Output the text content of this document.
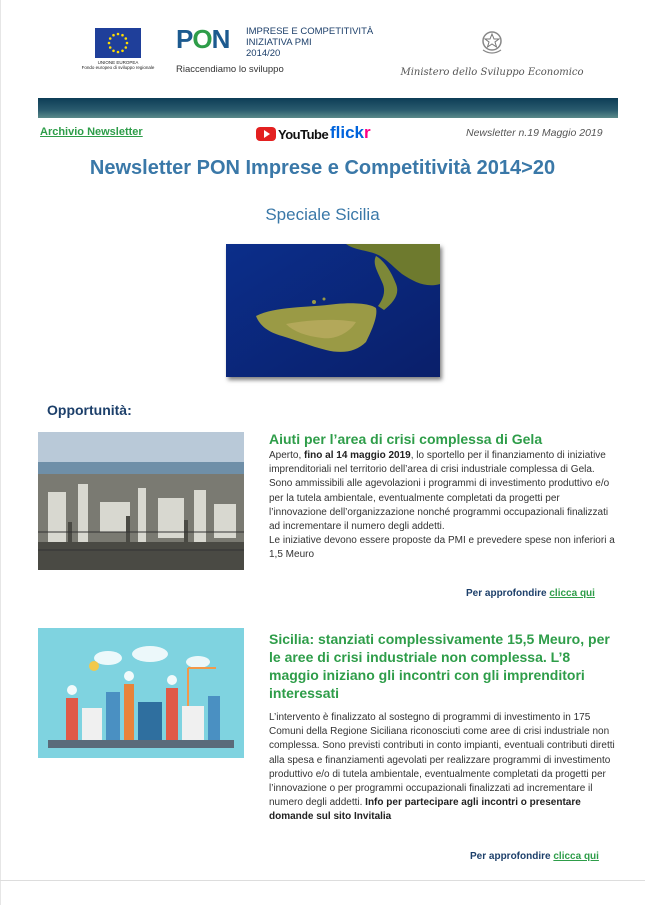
UNIONE EUROPEA
Fondo europeo di sviluppo regionale
PON IMPRESE E COMPETITIVITÀ
INIZIATIVA PMI
2014/20
Riaccendiamo lo sviluppo	Ministero dello Sviluppo Economico
Archivio Newsletter	YouTube flickr	Newsletter n.19 Maggio 2019
Newsletter PON Imprese e Competitività 2014>20
Speciale Sicilia
Opportunità:
Aiuti per l’area di crisi complessa di Gela
Aperto, fino al 14 maggio 2019, lo sportello per il finanziamento di iniziative imprenditoriali nel territorio dell’area di crisi industriale complessa di Gela.
Sono ammissibili alle agevolazioni i programmi di investimento produttivo e/o per la tutela ambientale, eventualmente completati da progetti per l’innovazione dell’organizzazione nonché programmi occupazionali finalizzati ad incrementare il numero degli addetti.
Le iniziative devono essere proposte da PMI e prevedere spese non inferiori a 1,5 Meuro
Per approfondire clicca qui
Sicilia: stanziati complessivamente 15,5 Meuro, per le aree di crisi industriale non complessa. L’8 maggio iniziano gli incontri con gli imprenditori interessati
L’intervento è finalizzato al sostegno di programmi di investimento in 175 Comuni della Regione Siciliana riconosciuti come aree di crisi industriale non complessa. Sono previsti contributi in conto impianti, eventuali contributi diretti alla spesa e finanziamenti agevolati per realizzare programmi di investimento produttivo e/o di tutela ambientale, eventualmente completati da progetti per l’innovazione o per programmi occupazionali finalizzati ad incrementare il numero degli addetti. Info per partecipare agli incontri o presentare domande sul sito Invitalia
Per approfondire clicca qui
